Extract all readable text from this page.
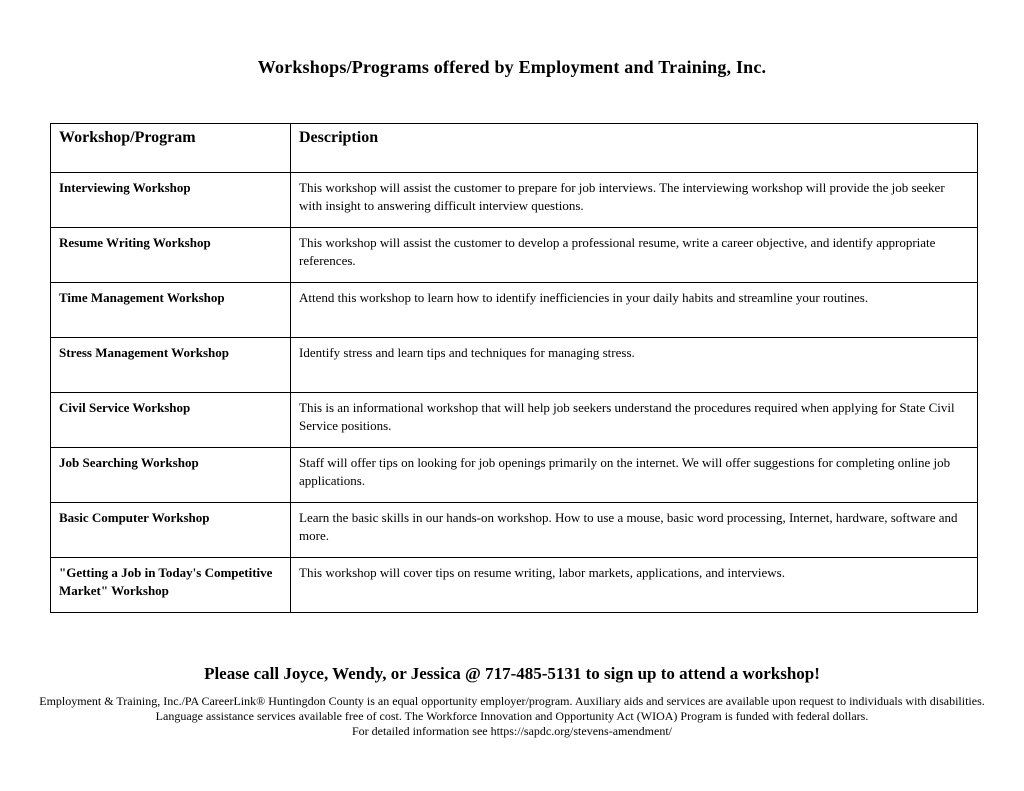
Workshops/Programs offered by Employment and Training, Inc.
Workshop/Program	Description
Interviewing Workshop	This workshop will assist the customer to prepare for job interviews. The interviewing workshop will provide the job seeker with insight to answering difficult interview questions.
Resume Writing Workshop	This workshop will assist the customer to develop a professional resume, write a career objective, and identify appropriate references.
Time Management Workshop	Attend this workshop to learn how to identify inefficiencies in your daily habits and streamline your routines.
Stress Management Workshop	Identify stress and learn tips and techniques for managing stress.
Civil Service Workshop	This is an informational workshop that will help job seekers understand the procedures required when applying for State Civil Service positions.
Job Searching Workshop	Staff will offer tips on looking for job openings primarily on the internet. We will offer suggestions for completing online job applications.
Basic Computer Workshop	Learn the basic skills in our hands-on workshop. How to use a mouse, basic word processing, Internet, hardware, software and more.
"Getting a Job in Today's Competitive Market" Workshop	This workshop will cover tips on resume writing, labor markets, applications, and interviews.

Please call Joyce, Wendy, or Jessica @ 717-485-5131 to sign up to attend a workshop!

Employment & Training, Inc./PA CareerLink® Huntingdon County is an equal opportunity employer/program. Auxiliary aids and services are available upon request to individuals with disabilities. Language assistance services available free of cost. The Workforce Innovation and Opportunity Act (WIOA) Program is funded with federal dollars.

For detailed information see https://sapdc.org/stevens-amendment/
